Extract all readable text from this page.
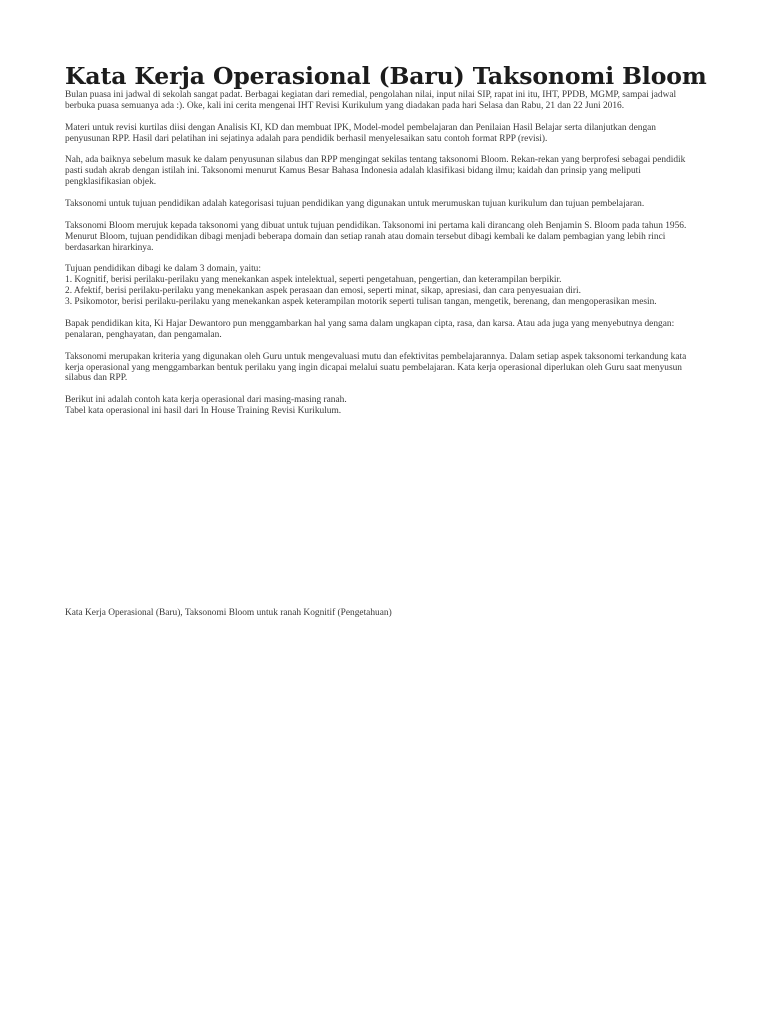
Kata Kerja Operasional (Baru) Taksonomi Bloom

Bulan puasa ini jadwal di sekolah sangat padat. Berbagai kegiatan dari remedial, pengolahan nilai, input nilai SIP, rapat ini itu, IHT, PPDB, MGMP, sampai jadwal
berbuka puasa semuanya ada :). Oke, kali ini cerita mengenai IHT Revisi Kurikulum yang diadakan pada hari Selasa dan Rabu, 21 dan 22 Juni 2016.

Materi untuk revisi kurtilas diisi dengan Analisis KI, KD dan membuat IPK, Model-model pembelajaran dan Penilaian Hasil Belajar serta dilanjutkan dengan
penyusunan RPP. Hasil dari pelatihan ini sejatinya adalah para pendidik berhasil menyelesaikan satu contoh format RPP (revisi).

Nah, ada baiknya sebelum masuk ke dalam penyusunan silabus dan RPP mengingat sekilas tentang taksonomi Bloom. Rekan-rekan yang berprofesi sebagai pendidik
pasti sudah akrab dengan istilah ini. Taksonomi menurut Kamus Besar Bahasa Indonesia adalah klasifikasi bidang ilmu; kaidah dan prinsip yang meliputi
pengklasifikasian objek.

Taksonomi untuk tujuan pendidikan adalah kategorisasi tujuan pendidikan yang digunakan untuk merumuskan tujuan kurikulum dan tujuan pembelajaran.

Taksonomi Bloom merujuk kepada taksonomi yang dibuat untuk tujuan pendidikan. Taksonomi ini pertama kali dirancang oleh Benjamin S. Bloom pada tahun 1956.
Menurut Bloom, tujuan pendidikan dibagi menjadi beberapa domain dan setiap ranah atau domain tersebut dibagi kembali ke dalam pembagian yang lebih rinci
berdasarkan hirarkinya.

Tujuan pendidikan dibagi ke dalam 3 domain, yaitu:
1. Kognitif, berisi perilaku-perilaku yang menekankan aspek intelektual, seperti pengetahuan, pengertian, dan keterampilan berpikir.
2. Afektif, berisi perilaku-perilaku yang menekankan aspek perasaan dan emosi, seperti minat, sikap, apresiasi, dan cara penyesuaian diri.
3. Psikomotor, berisi perilaku-perilaku yang menekankan aspek keterampilan motorik seperti tulisan tangan, mengetik, berenang, dan mengoperasikan mesin.

Bapak pendidikan kita, Ki Hajar Dewantoro pun menggambarkan hal yang sama dalam ungkapan cipta, rasa, dan karsa. Atau ada juga yang menyebutnya dengan:
penalaran, penghayatan, dan pengamalan.

Taksonomi merupakan kriteria yang digunakan oleh Guru untuk mengevaluasi mutu dan efektivitas pembelajarannya. Dalam setiap aspek taksonomi terkandung kata
kerja operasional yang menggambarkan bentuk perilaku yang ingin dicapai melalui suatu pembelajaran. Kata kerja operasional diperlukan oleh Guru saat menyusun
silabus dan RPP.

Berikut ini adalah contoh kata kerja operasional dari masing-masing ranah.
Tabel kata operasional ini hasil dari In House Training Revisi Kurikulum.

Kata Kerja Operasional (Baru), Taksonomi Bloom untuk ranah Kognitif (Pengetahuan)
